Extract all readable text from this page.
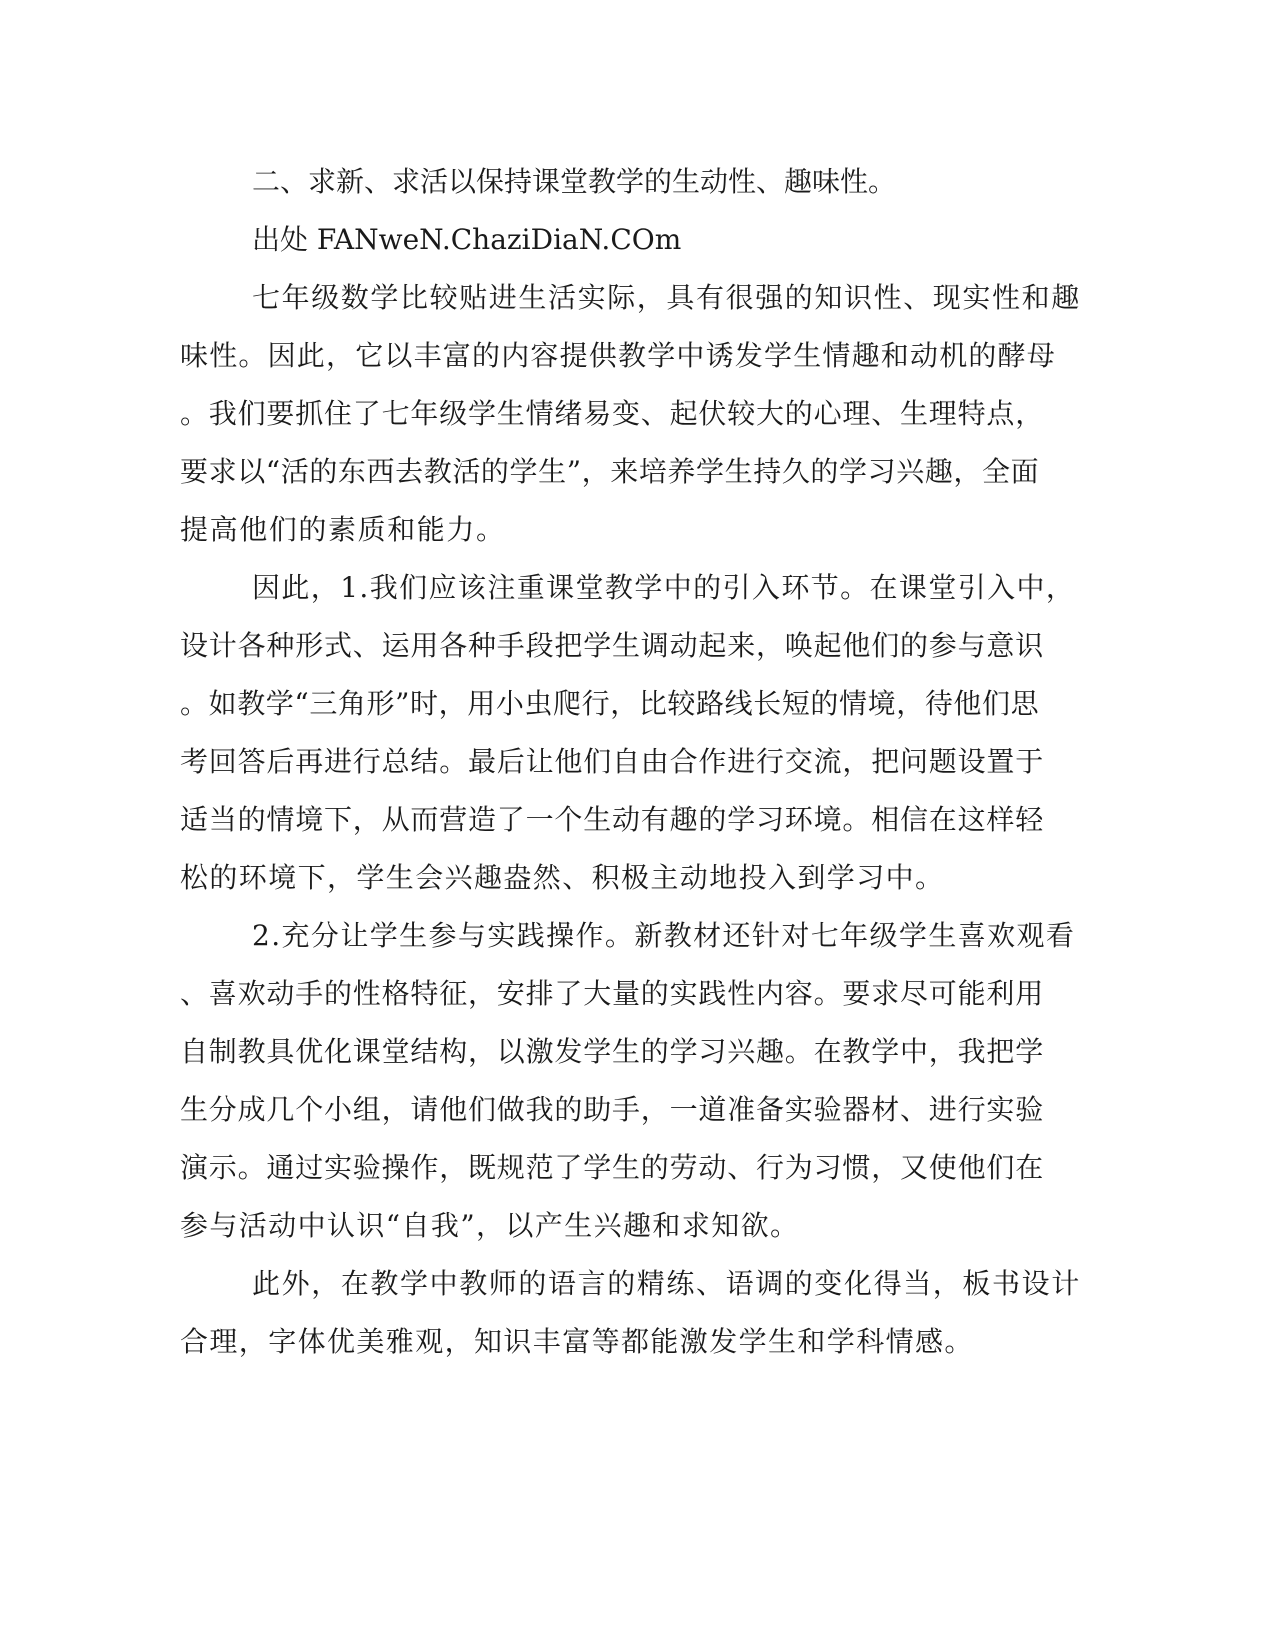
二、求新、求活以保持课堂教学的生动性、趣味性。
出处 FANweN.ChaziDiaN.COm
七年级数学比较贴进生活实际，具有很强的知识性、现实性和趣
味性。因此，它以丰富的内容提供教学中诱发学生情趣和动机的酵母
。我们要抓住了七年级学生情绪易变、起伏较大的心理、生理特点，
要求以“活的东西去教活的学生”，来培养学生持久的学习兴趣，全面
提高他们的素质和能力。
因此，1.我们应该注重课堂教学中的引入环节。在课堂引入中，
设计各种形式、运用各种手段把学生调动起来，唤起他们的参与意识
。如教学“三角形”时，用小虫爬行，比较路线长短的情境，待他们思
考回答后再进行总结。最后让他们自由合作进行交流，把问题设置于
适当的情境下，从而营造了一个生动有趣的学习环境。相信在这样轻
松的环境下，学生会兴趣盎然、积极主动地投入到学习中。
2.充分让学生参与实践操作。新教材还针对七年级学生喜欢观看
、喜欢动手的性格特征，安排了大量的实践性内容。要求尽可能利用
自制教具优化课堂结构，以激发学生的学习兴趣。在教学中，我把学
生分成几个小组，请他们做我的助手，一道准备实验器材、进行实验
演示。通过实验操作，既规范了学生的劳动、行为习惯，又使他们在
参与活动中认识“自我”，以产生兴趣和求知欲。
此外，在教学中教师的语言的精练、语调的变化得当，板书设计
合理，字体优美雅观，知识丰富等都能激发学生和学科情感。
